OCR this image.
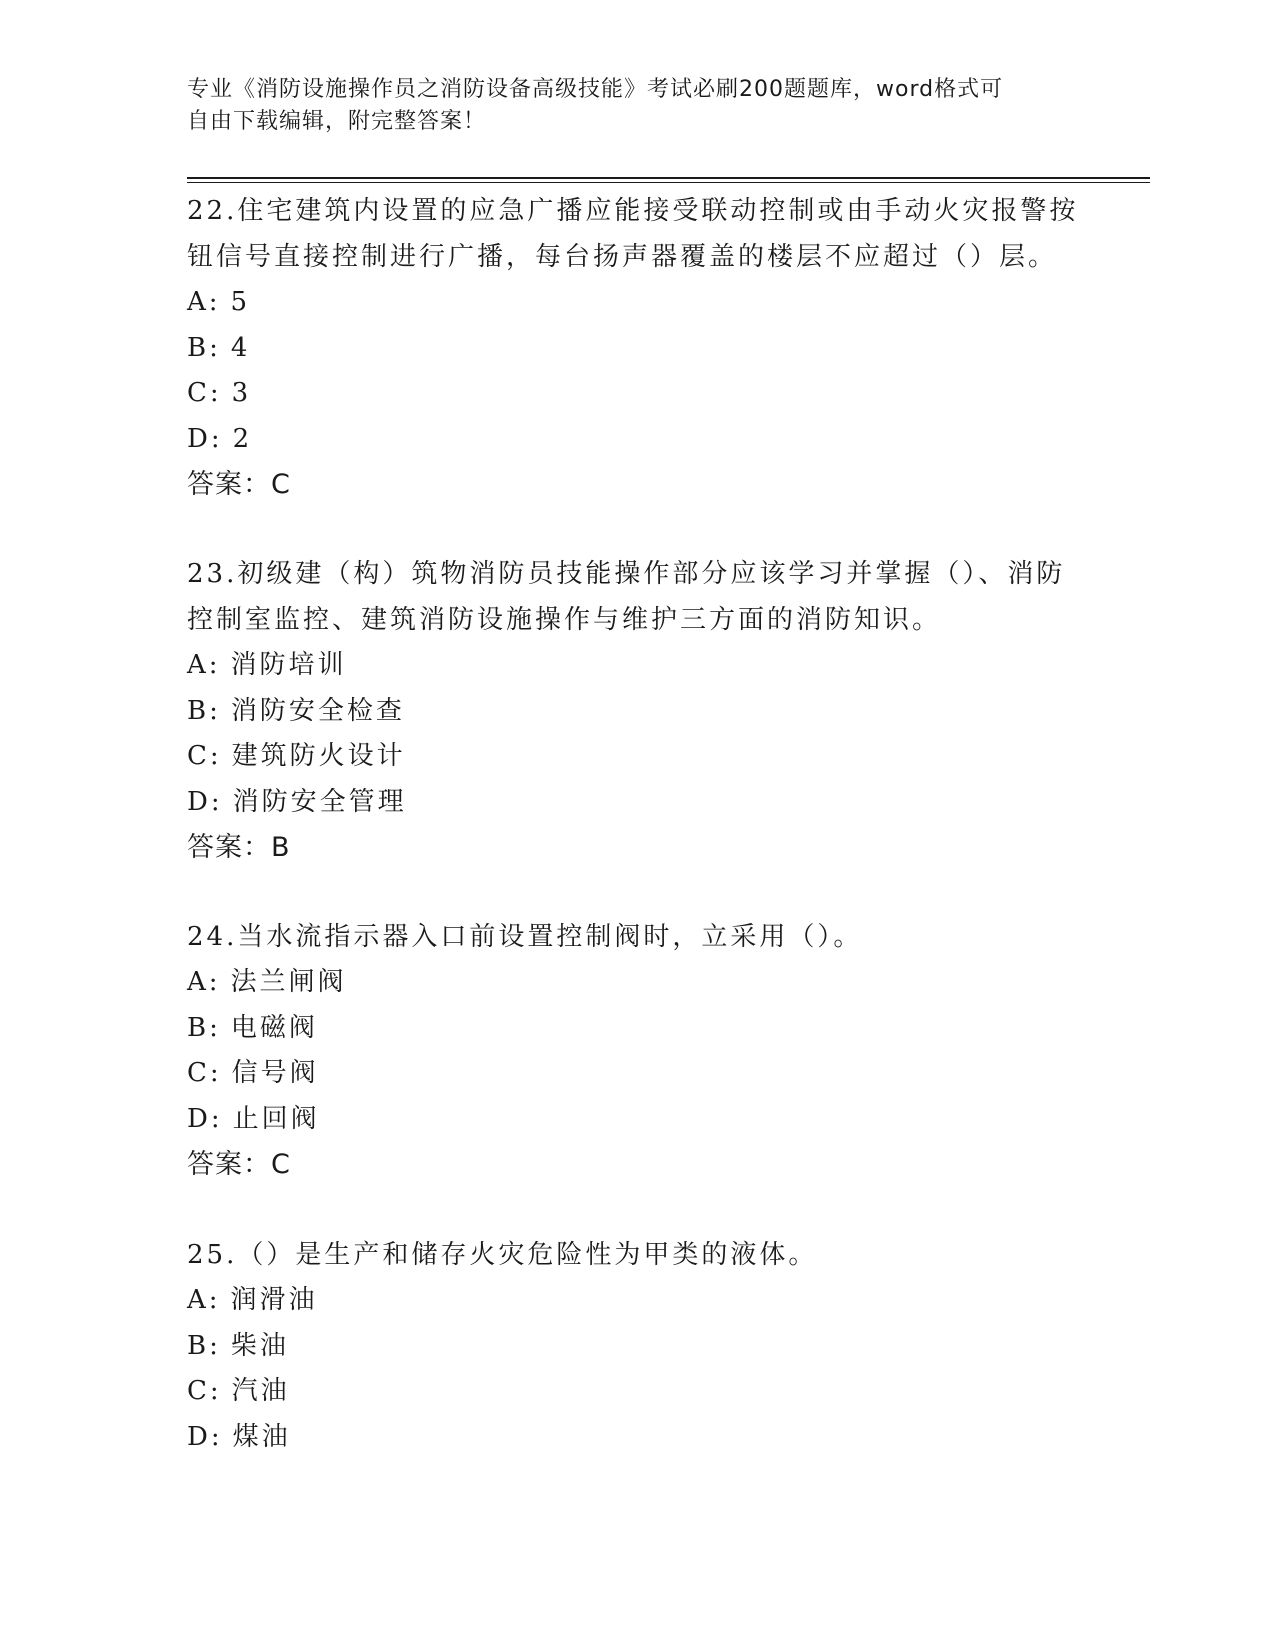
专业《消防设施操作员之消防设备高级技能》考试必刷200题题库，word格式可
自由下载编辑，附完整答案！
22.住宅建筑内设置的应急广播应能接受联动控制或由手动火灾报警按
钮信号直接控制进行广播，每台扬声器覆盖的楼层不应超过（）层。
A: 5
B: 4
C: 3
D: 2
答案：C
23.初级建（构）筑物消防员技能操作部分应该学习并掌握（）、消防
控制室监控、建筑消防设施操作与维护三方面的消防知识。
A: 消防培训
B: 消防安全检查
C: 建筑防火设计
D: 消防安全管理
答案：B
24.当水流指示器入口前设置控制阀时，立采用（）。
A: 法兰闸阀
B: 电磁阀
C: 信号阀
D: 止回阀
答案：C
25.（）是生产和储存火灾危险性为甲类的液体。
A: 润滑油
B: 柴油
C: 汽油
D: 煤油
